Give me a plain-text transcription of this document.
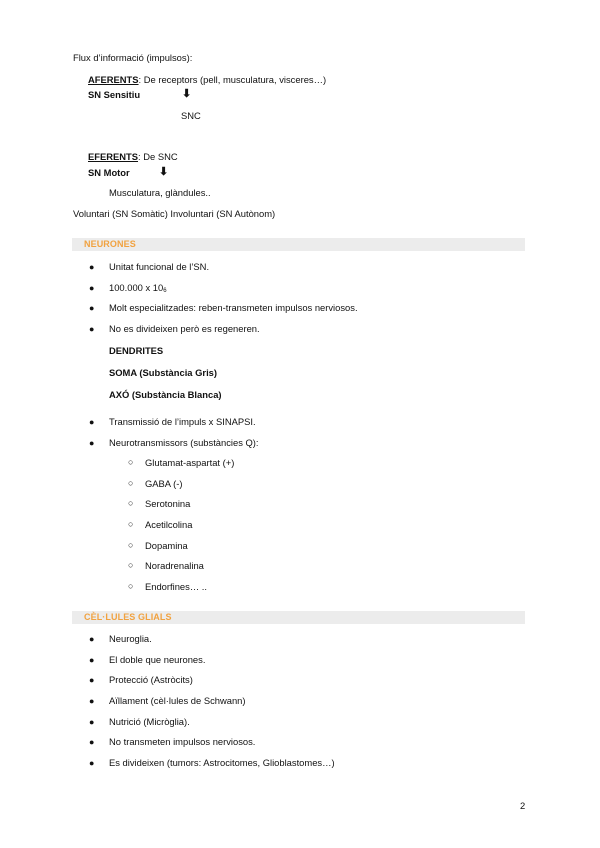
Flux d’informació (impulsos):
AFERENTS: De receptors (pell, musculatura, visceres…)
SN Sensitiu	⬇
SNC
EFERENTS: De SNC
SN Motor	⬇
Musculatura, glàndules..
Voluntari (SN Somàtic) Involuntari (SN Autònom)
NEURONES
● Unitat funcional de l’SN.
● 100.000 x $10_6$
● Molt especialitzades: reben-transmeten impulsos nerviosos.
● No es divideixen però es regeneren.
DENDRITES
SOMA (Substància Gris)
AXÓ (Substància Blanca)
● Transmissió de l’impuls x SINAPSI.
● Neurotransmissors (substàncies Q):
○ Glutamat-aspartat (+)
○ GABA (-)
○ Serotonina
○ Acetilcolina
○ Dopamina
○ Noradrenalina
○ Endorfines… ..
CÈL·LULES GLIALS
● Neuroglia.
● El doble que neurones.
● Protecció (Astròcits)
● Aïllament (cèl·lules de Schwann)
● Nutrició (Micròglia).
● No transmeten impulsos nerviosos.
● Es divideixen (tumors: Astrocitomes, Glioblastomes…)
2
